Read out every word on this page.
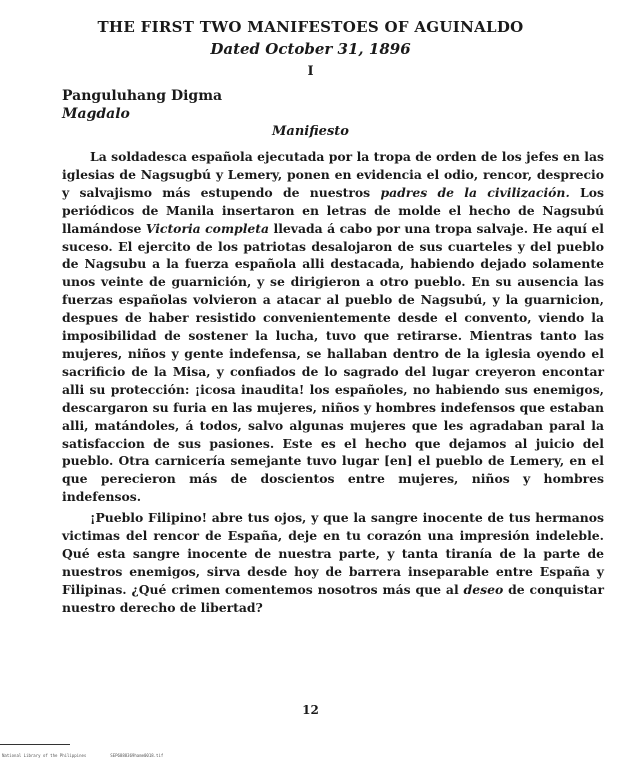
THE FIRST TWO MANIFESTOES OF AGUINALDO
Dated October 31, 1896
I
Panguluhang Digma
Magdalo
Manifiesto

La soldadesca española ejecutada por la tropa de orden de los jefes en las iglesias de Nagsugbú y Lemery, ponen en evidencia el odio, rencor, desprecio y salvajismo más estupendo de nuestros padres de la civilización. Los periódicos de Manila insertaron en letras de molde el hecho de Nagsubú llamándose Victoria completa llevada á cabo por una tropa salvaje. He aquí el suceso. El ejercito de los patriotas desalojaron de sus cuarteles y del pueblo de Nagsubu a la fuerza española alli destacada, habiendo dejado solamente unos veinte de guarnición, y se dirigieron a otro pueblo. En su ausencia las fuerzas españolas volvieron a atacar al pueblo de Nagsubú, y la guarnicion, despues de haber resistido convenientemente desde el convento, viendo la imposibilidad de sostener la lucha, tuvo que retirarse. Mientras tanto las mujeres, niños y gente indefensa, se hallaban dentro de la iglesia oyendo el sacrificio de la Misa, y confiados de lo sagrado del lugar creyeron encontar alli su protección: ¡icosa inaudita! los españoles, no habiendo sus enemigos, descargaron su furia en las mujeres, niños y hombres indefensos que estaban alli, matándoles, á todos, salvo algunas mujeres que les agradaban paral la satisfaccion de sus pasiones. Este es el hecho que dejamos al juicio del pueblo. Otra carnicería semejante tuvo lugar [en] el pueblo de Lemery, en el que perecieron más de doscientos entre mujeres, niños y hombres indefensos.

¡Pueblo Filipino! abre tus ojos, y que la sangre inocente de tus hermanos victimas del rencor de España, deje en tu corazón una impresión indeleble. Qué esta sangre inocente de nuestra parte, y tanta tiranía de la parte de nuestros enemigos, sirva desde hoy de barrera inseparable entre España y Filipinas. ¿Qué crimen comentemos nosotros más que al deseo de conquistar nuestro derecho de libertad?

12
National Library of the Philippines	SEP6888369hame0018.tif
